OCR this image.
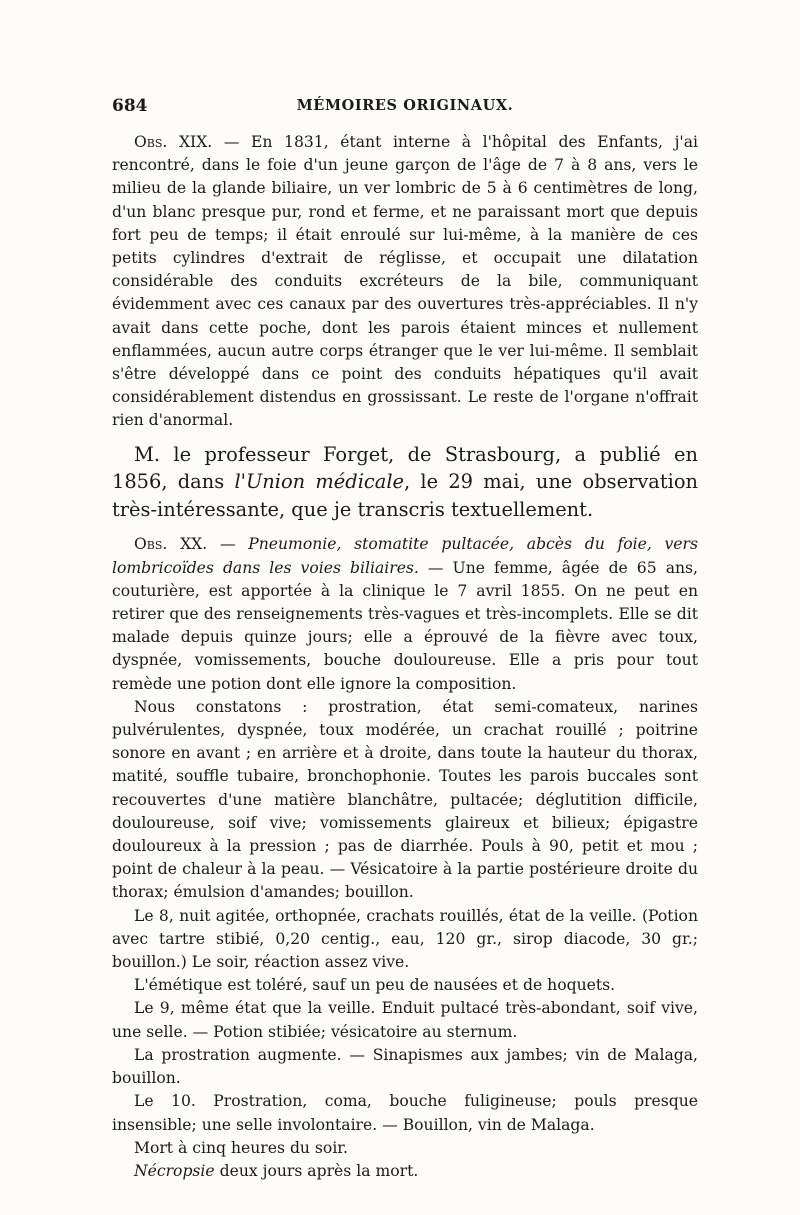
684	MÉMOIRES ORIGINAUX.

Obs. XIX. — En 1831, étant interne à l'hôpital des Enfants, j'ai rencontré, dans le foie d'un jeune garçon de l'âge de 7 à 8 ans, vers le milieu de la glande biliaire, un ver lombric de 5 à 6 centimètres de long, d'un blanc presque pur, rond et ferme, et ne paraissant mort que depuis fort peu de temps; il était enroulé sur lui-même, à la manière de ces petits cylindres d'extrait de réglisse, et occupait une dilatation considérable des conduits excréteurs de la bile, communiquant évidemment avec ces canaux par des ouvertures très-appréciables. Il n'y avait dans cette poche, dont les parois étaient minces et nullement enflammées, aucun autre corps étranger que le ver lui-même. Il semblait s'être développé dans ce point des conduits hépatiques qu'il avait considérablement distendus en grossissant. Le reste de l'organe n'offrait rien d'anormal.

M. le professeur Forget, de Strasbourg, a publié en 1856, dans l'Union médicale, le 29 mai, une observation très-intéressante, que je transcris textuellement.

Obs. XX. — Pneumonie, stomatite pultacée, abcès du foie, vers lombricoïdes dans les voies biliaires. — Une femme, âgée de 65 ans, couturière, est apportée à la clinique le 7 avril 1855. On ne peut en retirer que des renseignements très-vagues et très-incomplets. Elle se dit malade depuis quinze jours; elle a éprouvé de la fièvre avec toux, dyspnée, vomissements, bouche douloureuse. Elle a pris pour tout remède une potion dont elle ignore la composition.

Nous constatons : prostration, état semi-comateux, narines pulvérulentes, dyspnée, toux modérée, un crachat rouillé ; poitrine sonore en avant ; en arrière et à droite, dans toute la hauteur du thorax, matité, souffle tubaire, bronchophonie. Toutes les parois buccales sont recouvertes d'une matière blanchâtre, pultacée; déglutition difficile, douloureuse, soif vive; vomissements glaireux et bilieux; épigastre douloureux à la pression ; pas de diarrhée. Pouls à 90, petit et mou ; point de chaleur à la peau. — Vésicatoire à la partie postérieure droite du thorax; émulsion d'amandes; bouillon.

Le 8, nuit agitée, orthopnée, crachats rouillés, état de la veille. (Potion avec tartre stibié, 0,20 centig., eau, 120 gr., sirop diacode, 30 gr.; bouillon.) Le soir, réaction assez vive.

L'émétique est toléré, sauf un peu de nausées et de hoquets.

Le 9, même état que la veille. Enduit pultacé très-abondant, soif vive, une selle. — Potion stibiée; vésicatoire au sternum.

La prostration augmente. — Sinapismes aux jambes; vin de Malaga, bouillon.

Le 10. Prostration, coma, bouche fuligineuse; pouls presque insensible; une selle involontaire. — Bouillon, vin de Malaga.

Mort à cinq heures du soir.

Nécropsie deux jours après la mort.
